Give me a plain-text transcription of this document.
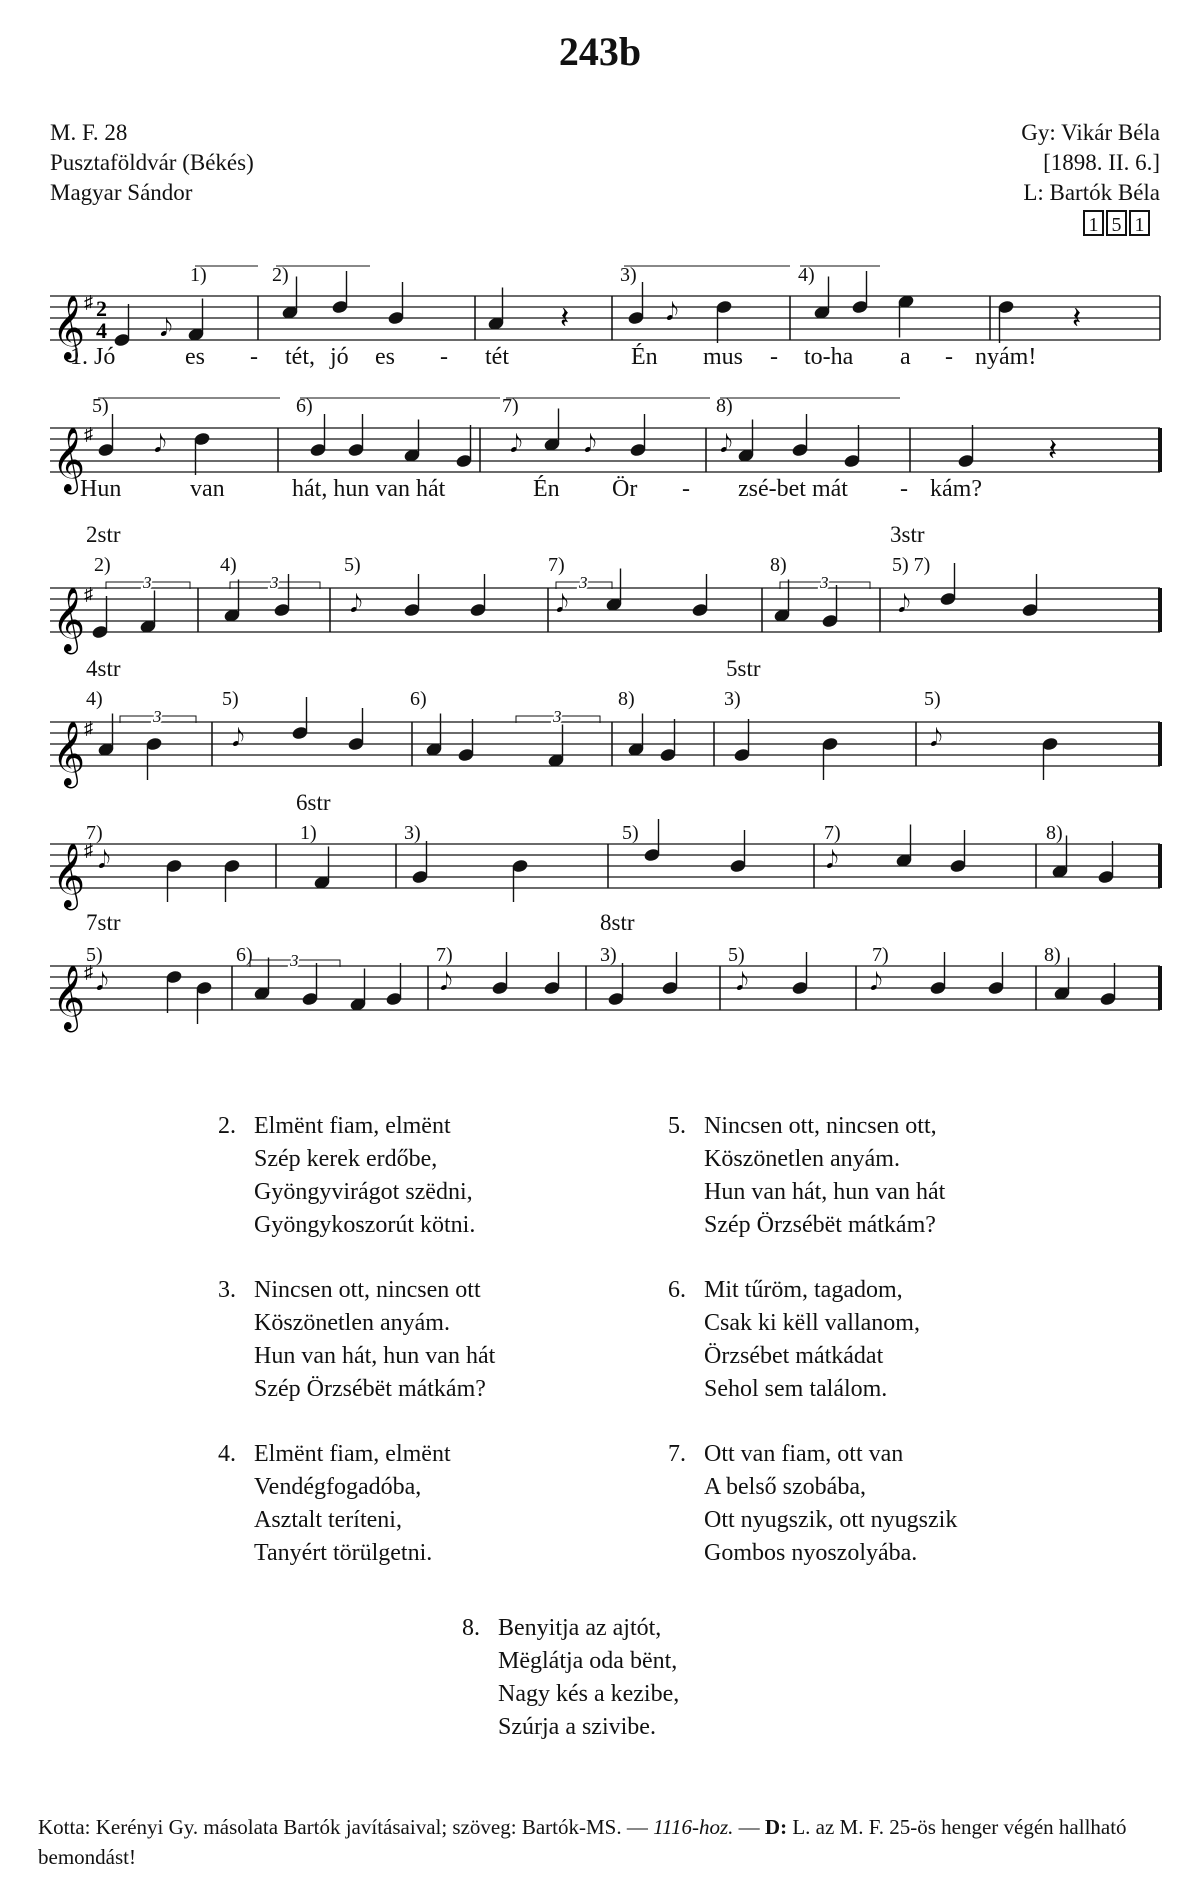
243b
M. F. 28
Pusztaföldvár (Békés)
Magyar Sándor
Gy: Vikár Béla
[1898. II. 6.]
L: Bartók Béla
1 5 1
𝄞
♯ 2
4 𝅘𝅥𝅮	𝄽	𝅘𝅥𝅮	𝄽
𝄞
♯	𝅘𝅥𝅮	𝅘𝅥𝅮	𝅘𝅥𝅮	𝅘𝅥𝅮	𝄽
𝄞
♯
3	3	3	3
𝅘𝅥𝅮	𝅘𝅥𝅮	𝅘𝅥𝅮
𝄞
♯
3	3
𝅘𝅥𝅮	𝅘𝅥𝅮
𝄞
♯ 𝅘𝅥𝅮	𝅘𝅥𝅮
𝄞
♯
3
𝅘𝅥𝅮	𝅘𝅥𝅮	𝅘𝅥𝅮	𝅘𝅥𝅮
1)	2)	3)	4)
1. Jó	es - tét, jó es - tét	Én mus - to-ha a - nyám!
5)	6)	7)	8)
Hun	van	hát, hun van hát	Én Ör - zsé-bet mát - kám?
2str	3str
4str	5str
6str
7str	8str
2)	4)	5)	7)	8)	5) 7)
4)	5)	6)	8)	3)	5)
7)	1)	3)	5)	7)	8)
5)	6)	7)	3)	5)	7)	8)
2. Elmënt fiam, elmënt
Szép kerek erdőbe,
Gyöngyvirágot szëdni,
Gyöngykoszorút kötni.
3. Nincsen ott, nincsen ott
Köszönetlen anyám.
Hun van hát, hun van hát
Szép Örzsébët mátkám?
4. Elmënt fiam, elmënt
Vendégfogadóba,
Asztalt teríteni,
Tanyért törülgetni.
5. Nincsen ott, nincsen ott,
Köszönetlen anyám.
Hun van hát, hun van hát
Szép Örzsébët mátkám?
6. Mit tűröm, tagadom,
Csak ki këll vallanom,
Örzsébet mátkádat
Sehol sem találom.
7. Ott van fiam, ott van
A belső szobába,
Ott nyugszik, ott nyugszik
Gombos nyoszolyába.
8. Benyitja az ajtót,
Mëglátja oda bënt,
Nagy kés a kezibe,
Szúrja a szivibe.
Kotta: Kerényi Gy. másolata Bartók javításaival; szöveg: Bartók-MS. — 1116-hoz. — D: L. az M. F. 25-ös henger végén hallható bemondást!
